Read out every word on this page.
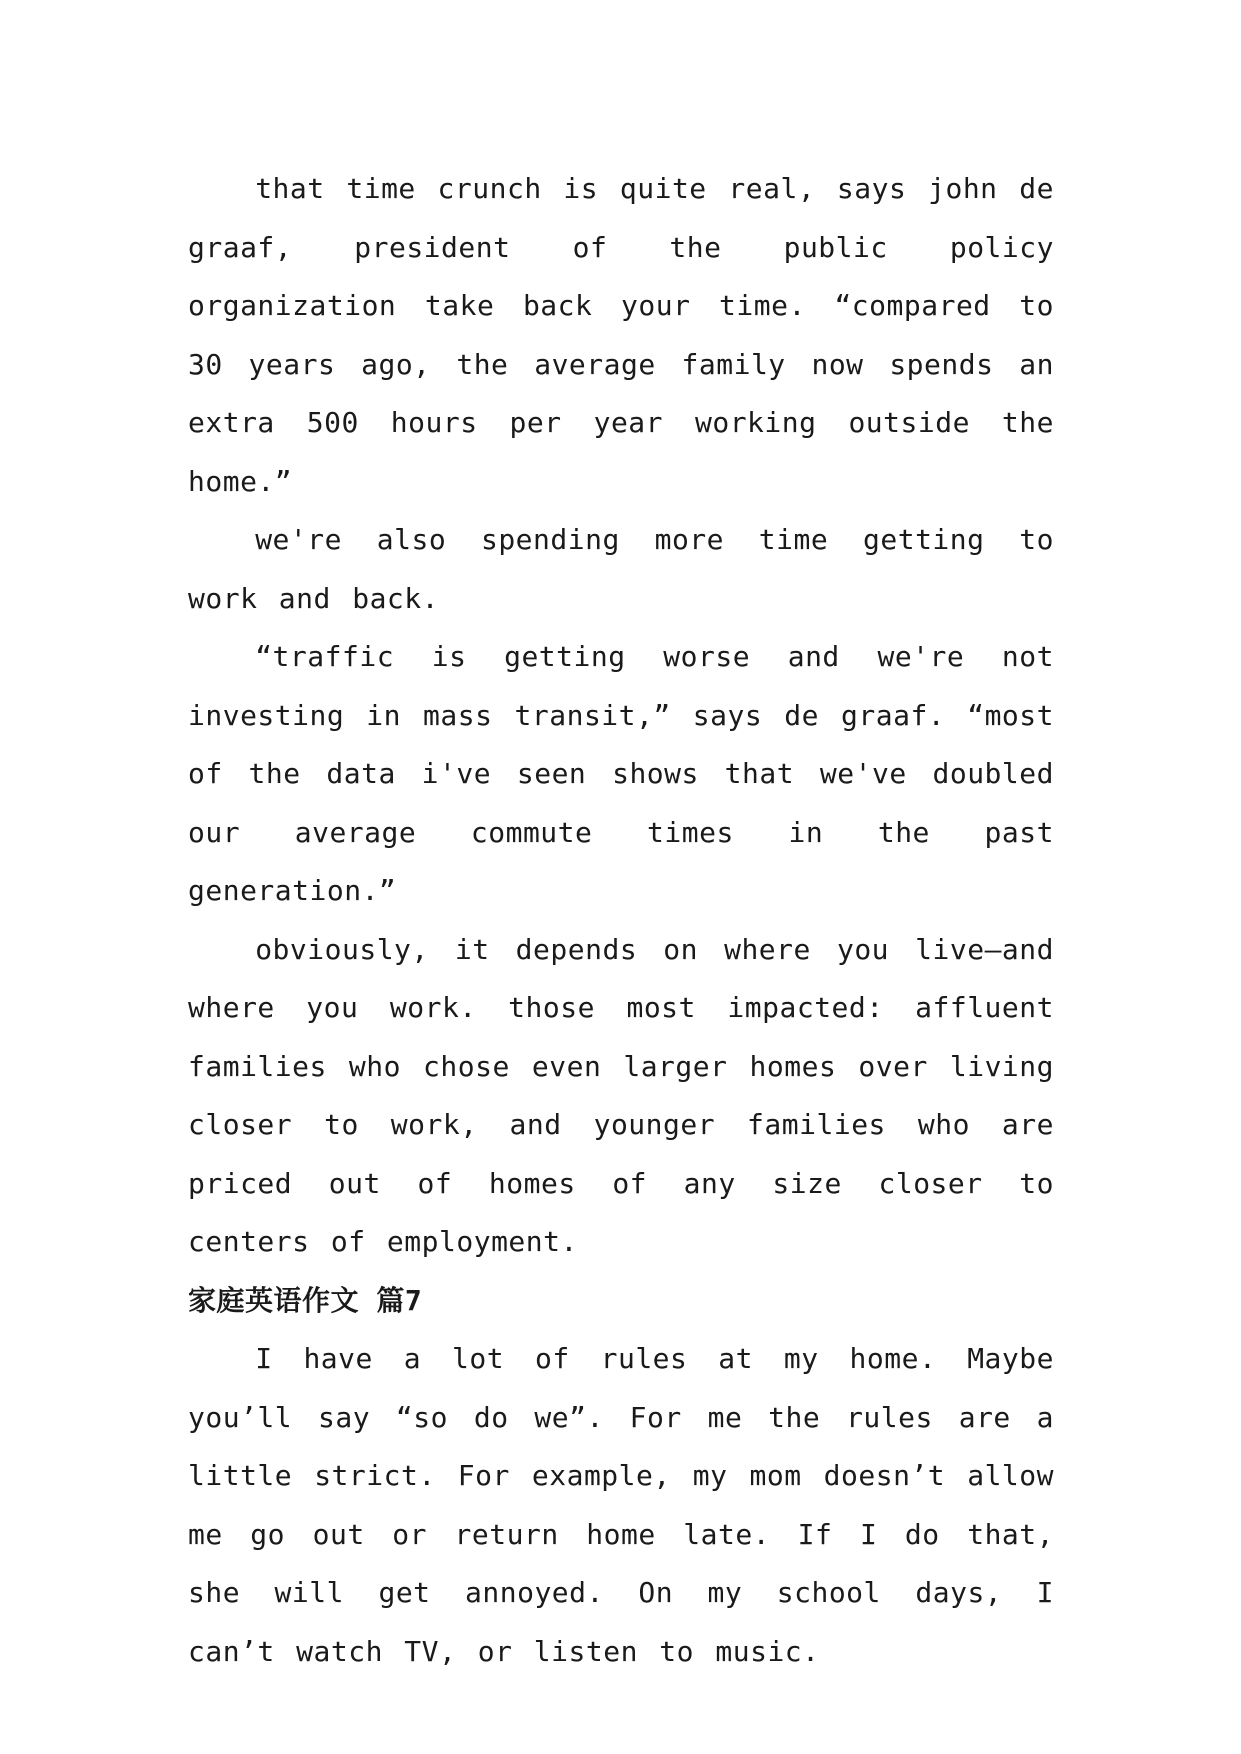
that time crunch is quite real, says john de graaf, president of the public policy organization take back your time. “compared to 30 years ago, the average family now spends an extra 500 hours per year working outside the home.”

we're also spending more time getting to work and back.

“traffic is getting worse and we're not investing in mass transit,” says de graaf. “most of the data i've seen shows that we've doubled our average commute times in the past generation.”

obviously, it depends on where you live—and where you work. those most impacted: affluent families who chose even larger homes over living closer to work, and younger families who are priced out of homes of any size closer to centers of employment.

家庭英语作文 篇7

I have a lot of rules at my home. Maybe you’ll say “so do we”. For me the rules are a little strict. For example, my mom doesn’t allow me go out or return home late. If I do that, she will get annoyed. On my school days, I can’t watch TV, or listen to music.
